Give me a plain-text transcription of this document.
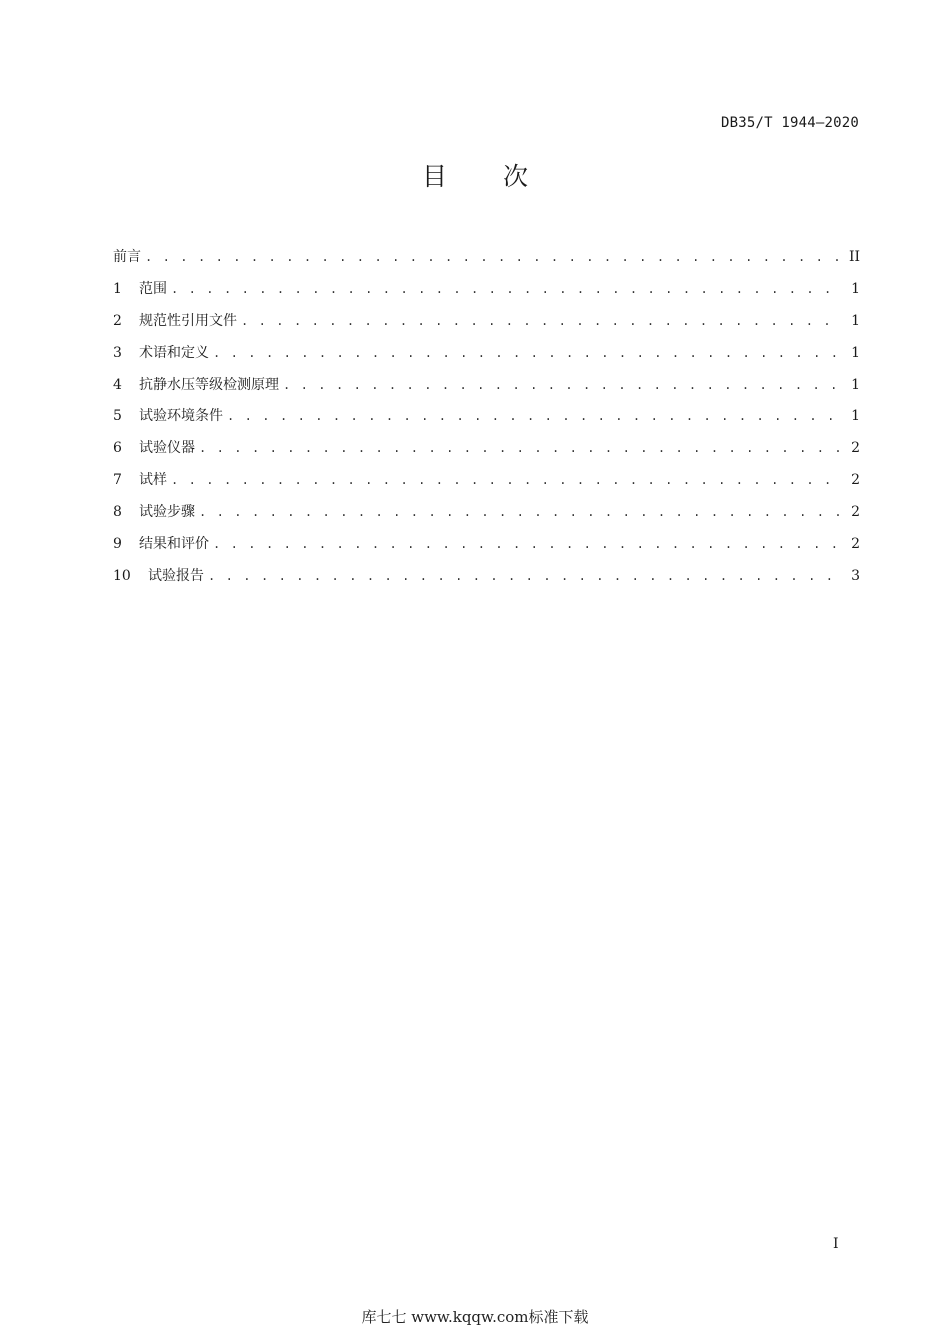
DB35/T 1944—2020
目 次
前言 . . .	II
1	范围 . . .	1
2	规范性引用文件 . . .	1
3	术语和定义 . . .	1
4	抗静水压等级检测原理 . . .	1
5	试验环境条件 . . .	1
6	试验仪器 . . .	2
7	试样 . . .	2
8	试验步骤 . . .	2
9	结果和评价 . . .	2
10	试验报告 . . .	3
I
库七七 www.kqqw.com标准下载
